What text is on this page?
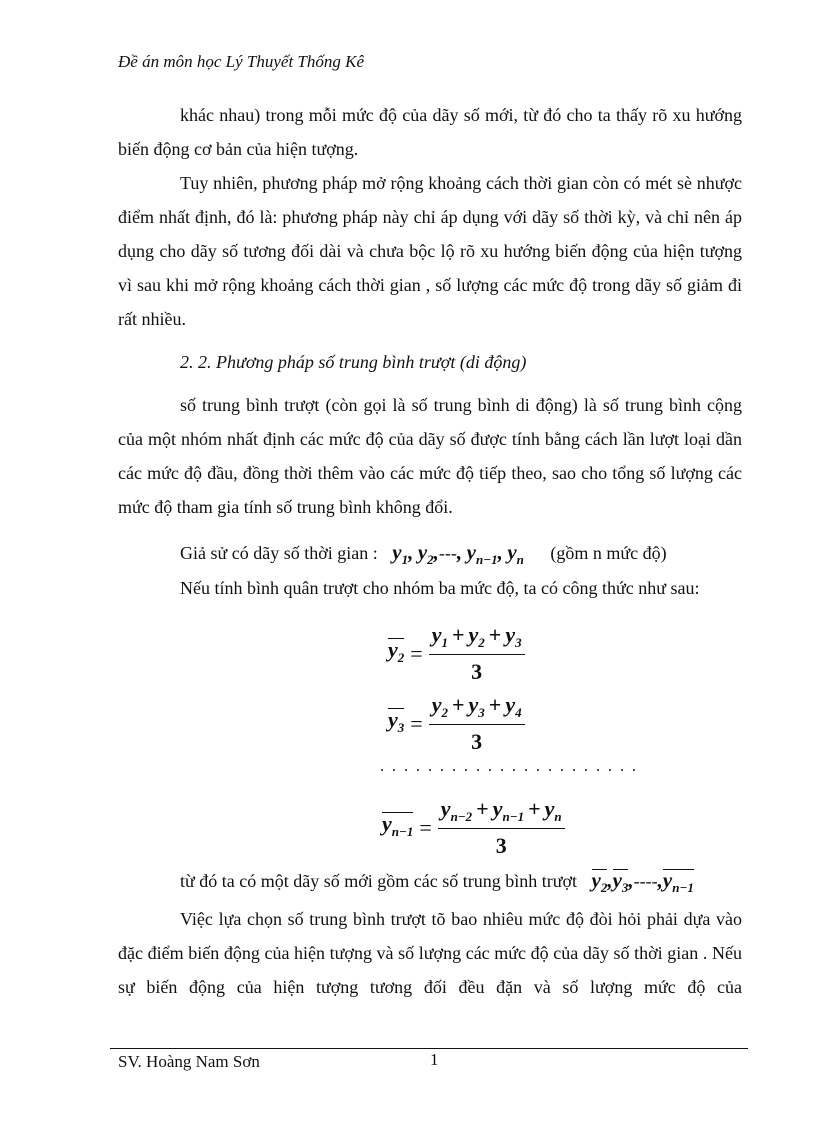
Đề án môn học Lý Thuyết Thống Kê
khác nhau) trong mỗi mức độ của dãy số mới, từ đó cho ta thấy rõ xu hướng biến động cơ bản của hiện tượng.
Tuy nhiên, phương pháp mở rộng khoảng cách thời gian còn có mét sè nhược điểm nhất định, đó là: phương pháp này chỉ áp dụng với dãy số thời kỳ, và chỉ nên áp dụng cho dãy số tương đối dài và chưa bộc lộ rõ xu hướng biến động của hiện tượng vì sau khi mở rộng khoảng cách thời gian , số lượng các mức độ trong dãy số giảm đi rất nhiều.
2. 2. Phương pháp số trung bình trượt (di động)
số trung bình trượt (còn gọi là số trung bình di động) là số trung bình cộng của một nhóm nhất định các mức độ của dãy số được tính bằng cách lần lượt loại dần các mức độ đầu, đồng thời thêm vào các mức độ tiếp theo, sao cho tổng số lượng các mức độ tham gia tính số trung bình không đổi.
Giả sử có dãy số thời gian : $y_1$, $y_2,---$, $y_{n-1}$, $y_n$ (gồm n mức độ)
Nếu tính bình quân trượt cho nhóm ba mức độ, ta có công thức như sau:
$y_2 = \frac{y_1 + y_2 + y_3}{3}$
$y_3 = \frac{y_2 + y_3 + y_4}{3}$
. . . . . . . . . . . . . . . . . . . . . .
$y_{n-1} = \frac{y_{n-2} + y_{n-1} + y_n}{3}$
từ đó ta có một dãy số mới gồm các số trung bình trượt $y_2,y_3,----,y_{n-1}$
Việc lựa chọn số trung bình trượt tõ bao nhiêu mức độ đòi hỏi phải dựa vào đặc điểm biến động của hiện tượng và số lượng các mức độ của dãy số thời gian . Nếu sự biến động của hiện tượng tương đối đều đặn và số lượng mức độ của
SV. Hoàng Nam Sơn	1
